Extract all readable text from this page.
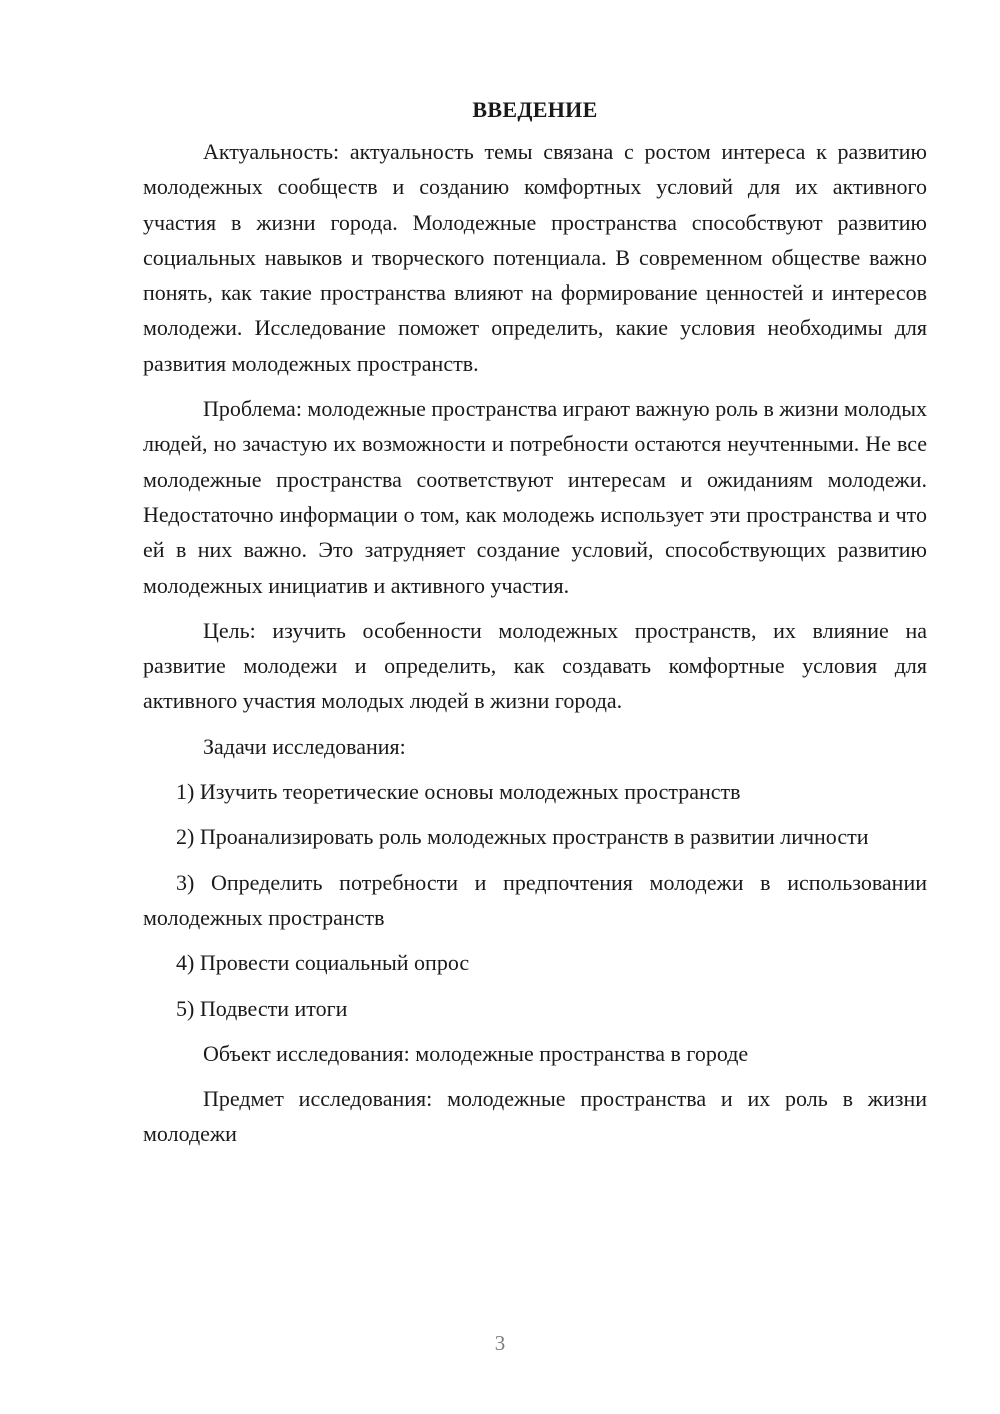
ВВЕДЕНИЕ

Актуальность: актуальность темы связана с ростом интереса к развитию молодежных сообществ и созданию комфортных условий для их активного участия в жизни города. Молодежные пространства способствуют развитию социальных навыков и творческого потенциала. В современном обществе важно понять, как такие пространства влияют на формирование ценностей и интересов молодежи. Исследование поможет определить, какие условия необходимы для развития молодежных пространств.

Проблема: молодежные пространства играют важную роль в жизни молодых людей, но зачастую их возможности и потребности остаются неучтенными. Не все молодежные пространства соответствуют интересам и ожиданиям молодежи. Недостаточно информации о том, как молодежь использует эти пространства и что ей в них важно. Это затрудняет создание условий, способствующих развитию молодежных инициатив и активного участия.

Цель: изучить особенности молодежных пространств, их влияние на развитие молодежи и определить, как создавать комфортные условия для активного участия молодых людей в жизни города.

Задачи исследования:

1) Изучить теоретические основы молодежных пространств

2) Проанализировать роль молодежных пространств в развитии личности

3) Определить потребности и предпочтения молодежи в использовании молодежных пространств

4) Провести социальный опрос

5) Подвести итоги

Объект исследования: молодежные пространства в городе

Предмет исследования: молодежные пространства и их роль в жизни молодежи

3
